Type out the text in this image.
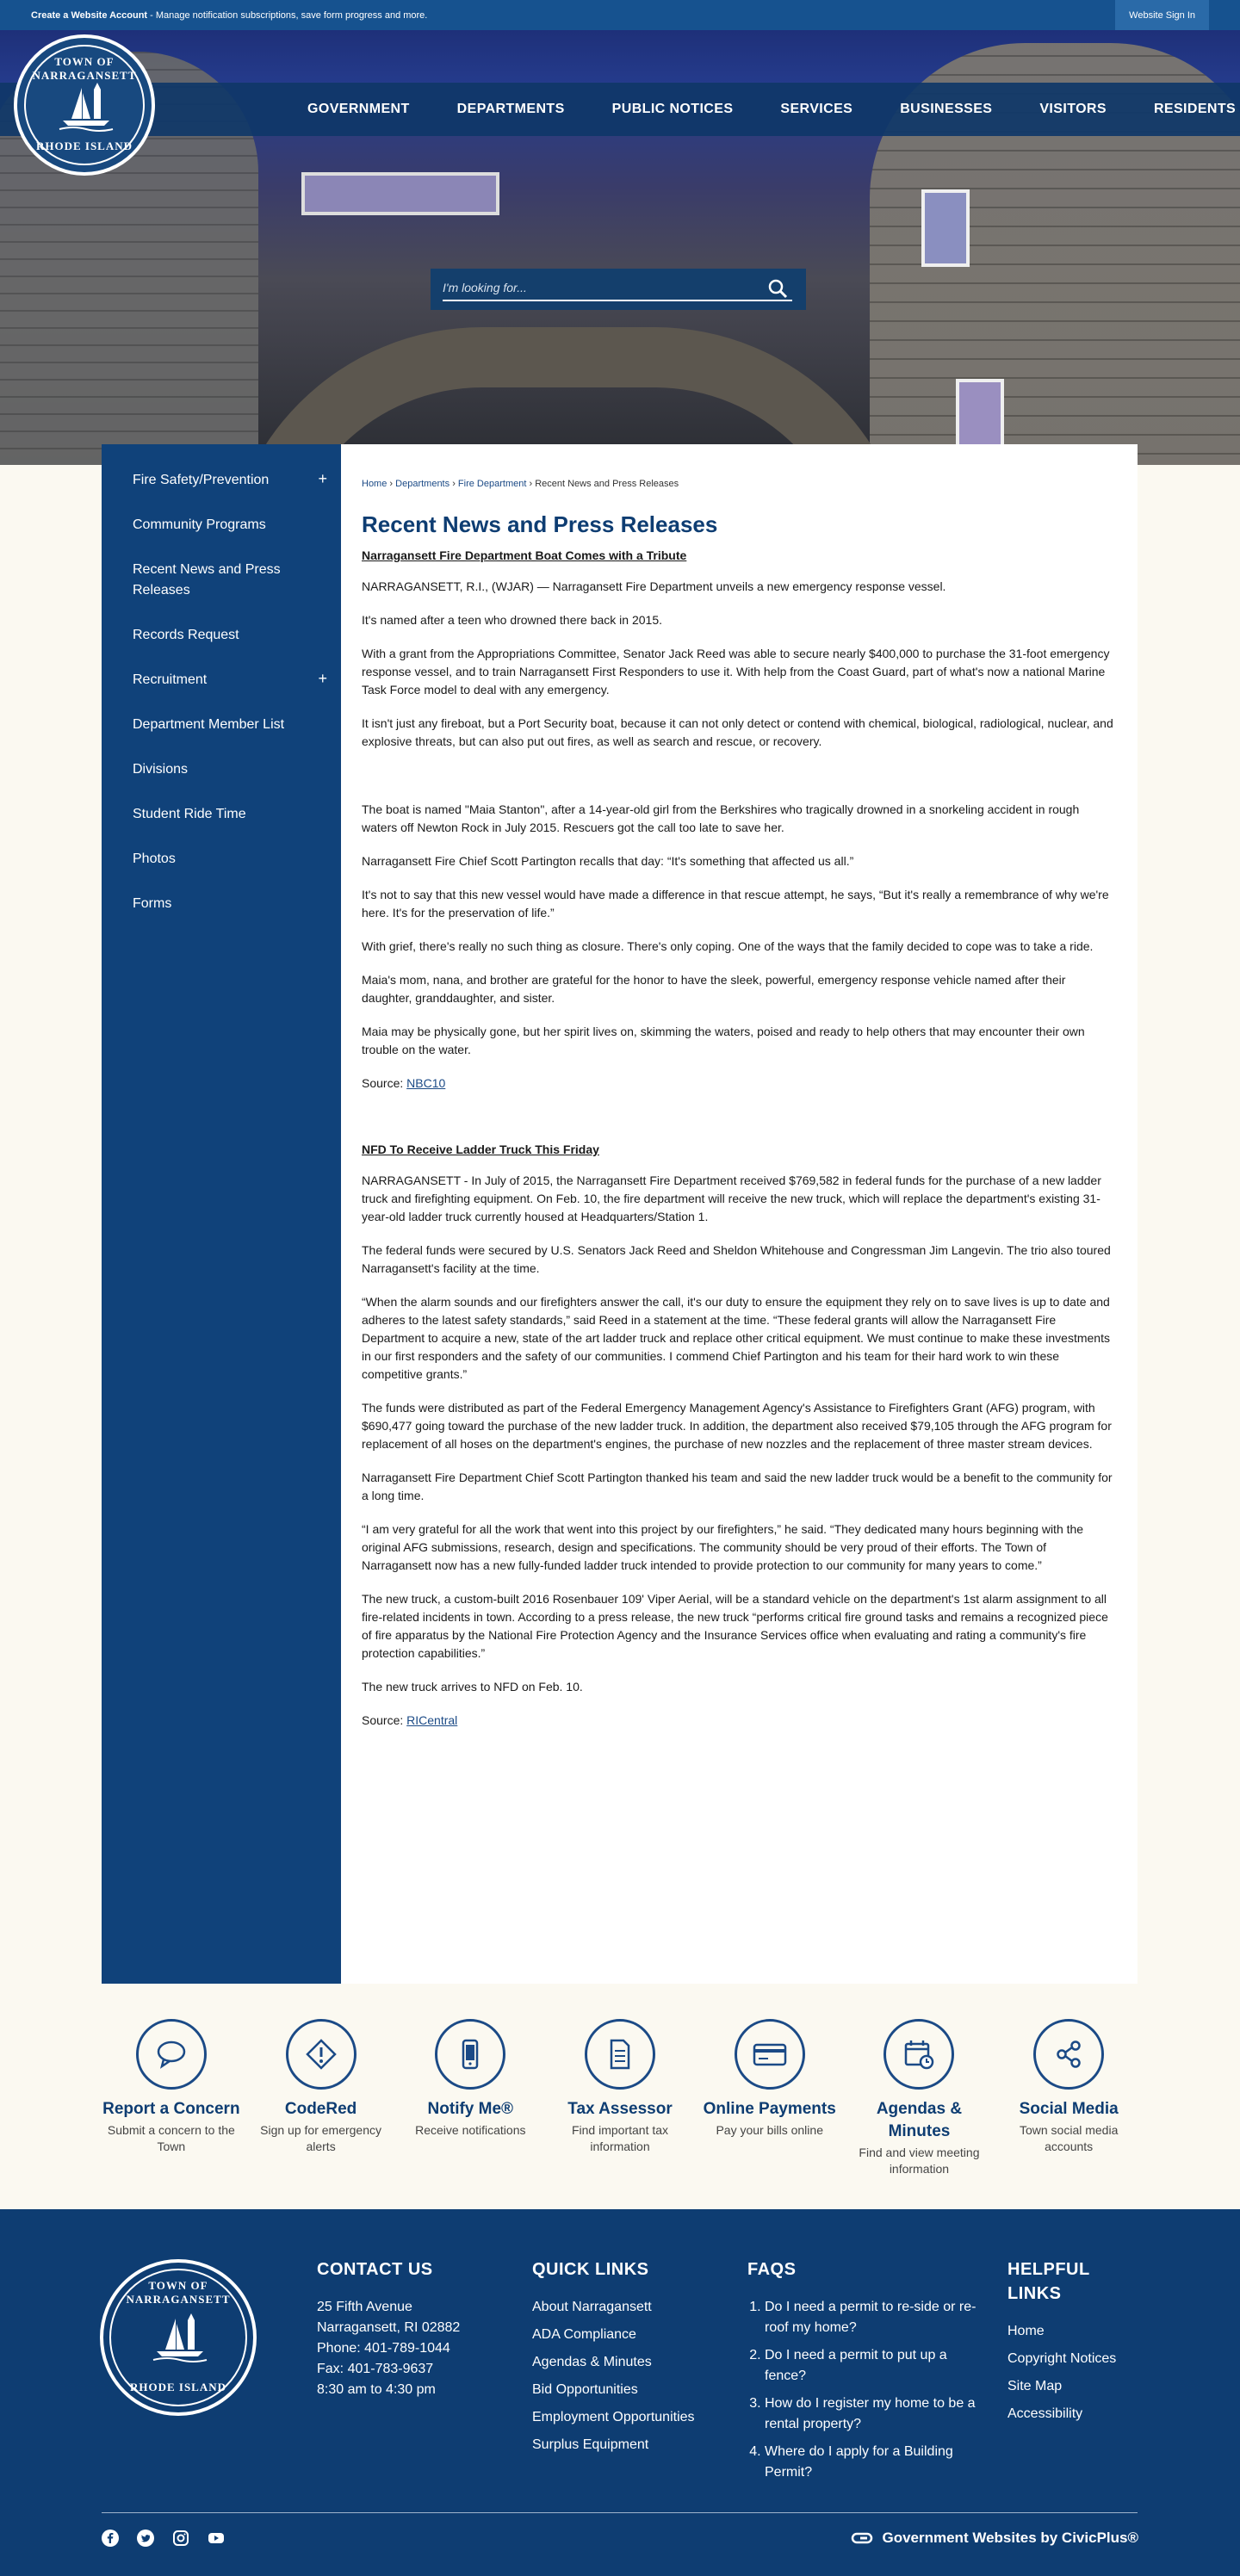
Create a Website Account - Manage notification subscriptions, save form progress and more.	Website Sign In
TOWN OF NARRAGANSETT
RHODE ISLAND
GOVERNMENT	DEPARTMENTS	PUBLIC NOTICES	SERVICES	BUSINESSES	VISITORS	RESIDENTS
I'm looking for...
Fire Safety/Prevention	+
Community Programs
Recent News and Press Releases
Records Request
Recruitment	+
Department Member List
Divisions
Student Ride Time
Photos
Forms
Home › Departments › Fire Department › Recent News and Press Releases
Recent News and Press Releases
Narragansett Fire Department Boat Comes with a Tribute

NARRAGANSETT, R.I., (WJAR) — Narragansett Fire Department unveils a new emergency response vessel.

It's named after a teen who drowned there back in 2015.

With a grant from the Appropriations Committee, Senator Jack Reed was able to secure nearly $400,000 to purchase the 31-foot emergency response vessel, and to train Narragansett First Responders to use it. With help from the Coast Guard, part of what's now a national Marine Task Force model to deal with any emergency.

It isn't just any fireboat, but a Port Security boat, because it can not only detect or contend with chemical, biological, radiological, nuclear, and explosive threats, but can also put out fires, as well as search and rescue, or recovery.

The boat is named "Maia Stanton", after a 14-year-old girl from the Berkshires who tragically drowned in a snorkeling accident in rough waters off Newton Rock in July 2015. Rescuers got the call too late to save her.

Narragansett Fire Chief Scott Partington recalls that day: “It's something that affected us all.”

It's not to say that this new vessel would have made a difference in that rescue attempt, he says, “But it's really a remembrance of why we're here. It's for the preservation of life.”

With grief, there's really no such thing as closure. There's only coping. One of the ways that the family decided to cope was to take a ride.

Maia's mom, nana, and brother are grateful for the honor to have the sleek, powerful, emergency response vehicle named after their daughter, granddaughter, and sister.

Maia may be physically gone, but her spirit lives on, skimming the waters, poised and ready to help others that may encounter their own trouble on the water.

Source: NBC10

NFD To Receive Ladder Truck This Friday

NARRAGANSETT - In July of 2015, the Narragansett Fire Department received $769,582 in federal funds for the purchase of a new ladder truck and firefighting equipment. On Feb. 10, the fire department will receive the new truck, which will replace the department's existing 31-year-old ladder truck currently housed at Headquarters/Station 1.

The federal funds were secured by U.S. Senators Jack Reed and Sheldon Whitehouse and Congressman Jim Langevin. The trio also toured Narragansett's facility at the time.

“When the alarm sounds and our firefighters answer the call, it's our duty to ensure the equipment they rely on to save lives is up to date and adheres to the latest safety standards,” said Reed in a statement at the time. “These federal grants will allow the Narragansett Fire Department to acquire a new, state of the art ladder truck and replace other critical equipment. We must continue to make these investments in our first responders and the safety of our communities. I commend Chief Partington and his team for their hard work to win these competitive grants.”

The funds were distributed as part of the Federal Emergency Management Agency's Assistance to Firefighters Grant (AFG) program, with $690,477 going toward the purchase of the new ladder truck. In addition, the department also received $79,105 through the AFG program for replacement of all hoses on the department's engines, the purchase of new nozzles and the replacement of three master stream devices.

Narragansett Fire Department Chief Scott Partington thanked his team and said the new ladder truck would be a benefit to the community for a long time.

“I am very grateful for all the work that went into this project by our firefighters,” he said. “They dedicated many hours beginning with the original AFG submissions, research, design and specifications. The community should be very proud of their efforts. The Town of Narragansett now has a new fully-funded ladder truck intended to provide protection to our community for many years to come.”

The new truck, a custom-built 2016 Rosenbauer 109' Viper Aerial, will be a standard vehicle on the department's 1st alarm assignment to all fire-related incidents in town. According to a press release, the new truck “performs critical fire ground tasks and remains a recognized piece of fire apparatus by the National Fire Protection Agency and the Insurance Services office when evaluating and rating a community's fire protection capabilities.”

The new truck arrives to NFD on Feb. 10.

Source: RICentral

Report a Concern
Submit a concern to the Town
CodeRed
Sign up for emergency alerts
Notify Me®
Receive notifications
Tax Assessor
Find important tax information
Online Payments
Pay your bills online
Agendas & Minutes
Find and view meeting information
Social Media
Town social media accounts
TOWN OF NARRAGANSETT
RHODE ISLAND
CONTACT US
25 Fifth Avenue
Narragansett, RI 02882
Phone: 401-789-1044
Fax: 401-783-9637
8:30 am to 4:30 pm
QUICK LINKS
About Narragansett
ADA Compliance
Agendas & Minutes
Bid Opportunities
Employment Opportunities
Surplus Equipment
FAQS
1. Do I need a permit to re-side or re-roof my home?
2. Do I need a permit to put up a fence?
3. How do I register my home to be a rental property?
4. Where do I apply for a Building Permit?
HELPFUL LINKS
Home
Copyright Notices
Site Map
Accessibility
Government Websites by CivicPlus®
